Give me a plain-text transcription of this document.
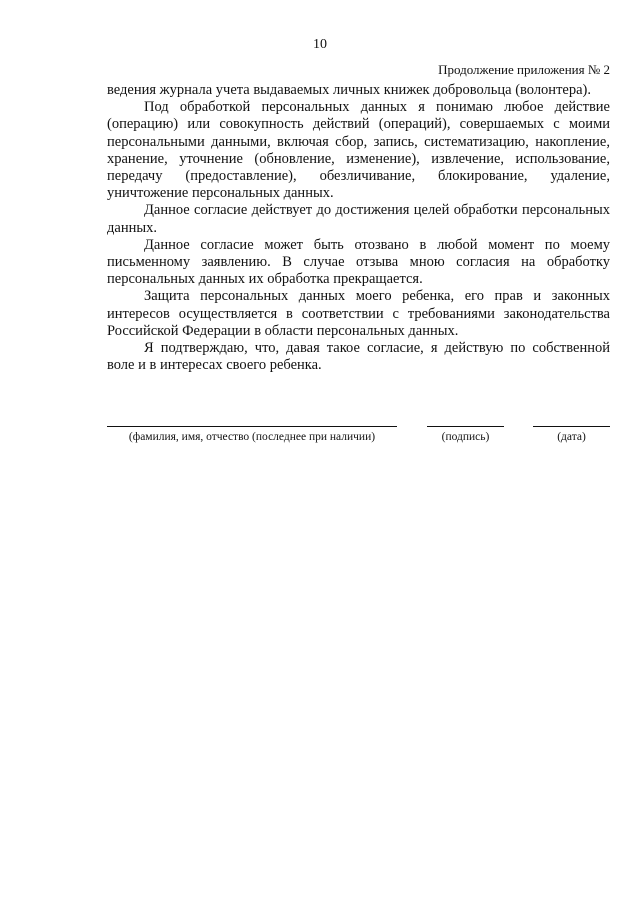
10
Продолжение приложения № 2

ведения журнала учета выдаваемых личных книжек добровольца (волонтера).

Под обработкой персональных данных я понимаю любое действие (операцию) или совокупность действий (операций), совершаемых с моими персональными данными, включая сбор, запись, систематизацию, накопление, хранение, уточнение (обновление, изменение), извлечение, использование, передачу (предоставление), обезличивание, блокирование, удаление, уничтожение персональных данных.

Данное согласие действует до достижения целей обработки персональных данных.

Данное согласие может быть отозвано в любой момент по моему письменному заявлению. В случае отзыва мною согласия на обработку персональных данных их обработка прекращается.

Защита персональных данных моего ребенка, его прав и законных интересов осуществляется в соответствии с требованиями законодательства Российской Федерации в области персональных данных.

Я подтверждаю, что, давая такое согласие, я действую по собственной воле и в интересах своего ребенка.

(фамилия, имя, отчество (последнее при наличии)	(подпись)	(дата)
